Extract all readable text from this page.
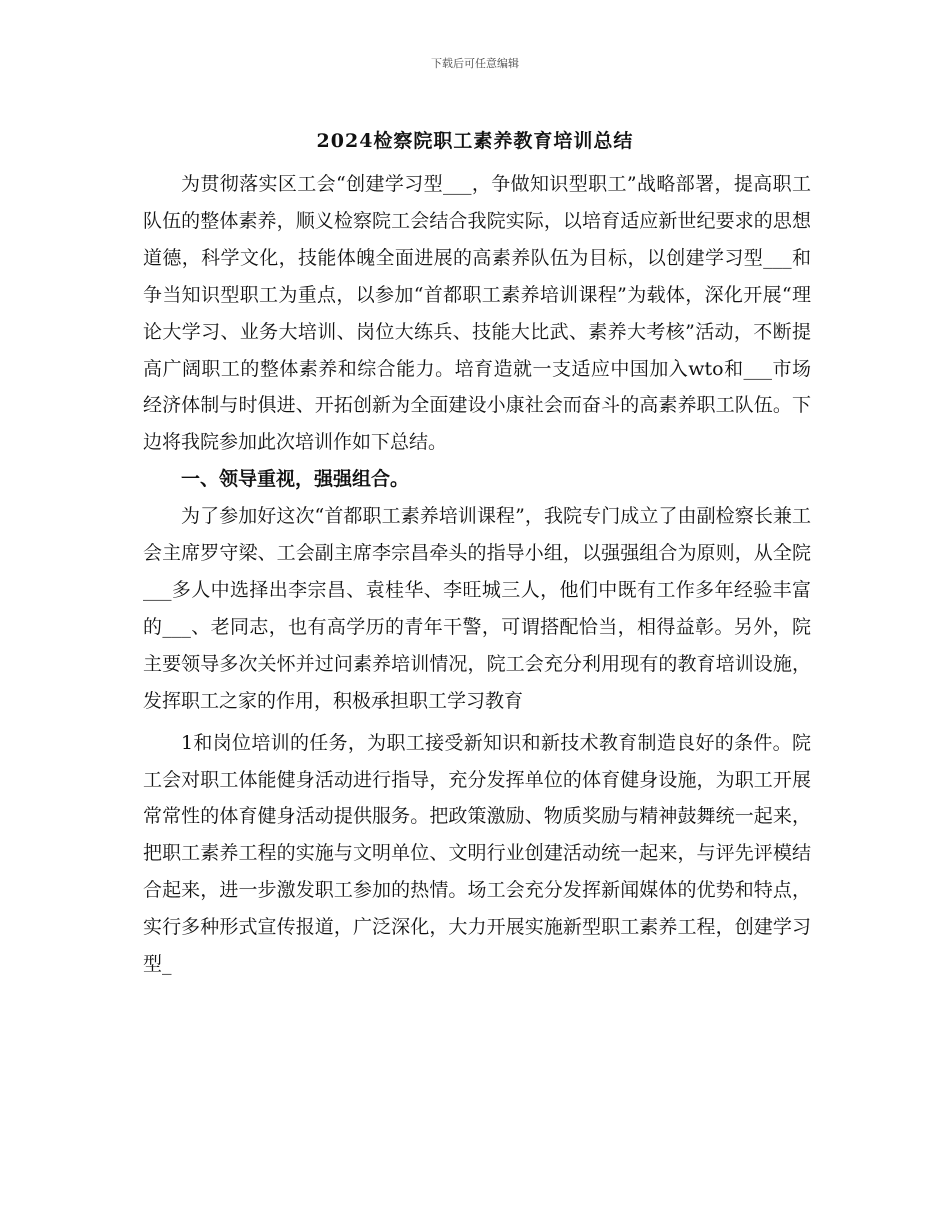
下载后可任意编辑
2024检察院职工素养教育培训总结

为贯彻落实区工会“创建学习型___，争做知识型职工”战略部署，提高职工队伍的整体素养，顺义检察院工会结合我院实际，以培育适应新世纪要求的思想道德，科学文化，技能体魄全面进展的高素养队伍为目标，以创建学习型___和争当知识型职工为重点，以参加“首都职工素养培训课程”为载体，深化开展“理论大学习、业务大培训、岗位大练兵、技能大比武、素养大考核”活动，不断提高广阔职工的整体素养和综合能力。培育造就一支适应中国加入wto和___市场经济体制与时俱进、开拓创新为全面建设小康社会而奋斗的高素养职工队伍。下边将我院参加此次培训作如下总结。

一、领导重视，强强组合。

为了参加好这次“首都职工素养培训课程”，我院专门成立了由副检察长兼工会主席罗守梁、工会副主席李宗昌牵头的指导小组，以强强组合为原则，从全院___多人中选择出李宗昌、袁桂华、李旺城三人，他们中既有工作多年经验丰富的___、老同志，也有高学历的青年干警，可谓搭配恰当，相得益彰。另外，院主要领导多次关怀并过问素养培训情况，院工会充分利用现有的教育培训设施，发挥职工之家的作用，积极承担职工学习教育

1和岗位培训的任务，为职工接受新知识和新技术教育制造良好的条件。院工会对职工体能健身活动进行指导，充分发挥单位的体育健身设施，为职工开展常常性的体育健身活动提供服务。把政策激励、物质奖励与精神鼓舞统一起来，把职工素养工程的实施与文明单位、文明行业创建活动统一起来，与评先评模结合起来，进一步激发职工参加的热情。场工会充分发挥新闻媒体的优势和特点，实行多种形式宣传报道，广泛深化，大力开展实施新型职工素养工程，创建学习型_
